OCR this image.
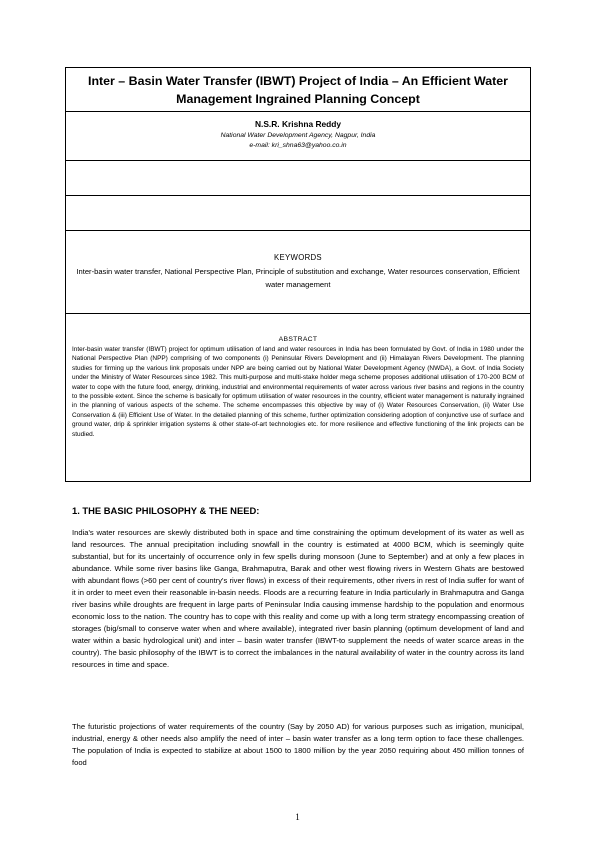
Inter – Basin Water Transfer (IBWT) Project of India – An Efficient Water Management Ingrained Planning Concept
N.S.R. Krishna Reddy
National Water Development Agency, Nagpur, India
e-mail: kri_shna63@yahoo.co.in
KEYWORDS
Inter-basin water transfer, National Perspective Plan, Principle of substitution and exchange, Water resources conservation, Efficient water management
ABSTRACT
Inter-basin water transfer (IBWT) project for optimum utilisation of land and water resources in India has been formulated by Govt. of India in 1980 under the National Perspective Plan (NPP) comprising of two components (i) Peninsular Rivers Development and (ii) Himalayan Rivers Development. The planning studies for firming up the various link proposals under NPP are being carried out by National Water Development Agency (NWDA), a Govt. of India Society under the Ministry of Water Resources since 1982. This multi-purpose and multi-stake holder mega scheme proposes additional utilisation of 170-200 BCM of water to cope with the future food, energy, drinking, industrial and environmental requirements of water across various river basins and regions in the country to the possible extent. Since the scheme is basically for optimum utilisation of water resources in the country, efficient water management is naturally ingrained in the planning of various aspects of the scheme. The scheme encompasses this objective by way of (i) Water Resources Conservation, (ii) Water Use Conservation & (iii) Efficient Use of Water. In the detailed planning of this scheme, further optimization considering adoption of conjunctive use of surface and ground water, drip & sprinkler irrigation systems & other state-of-art technologies etc. for more resilience and effective functioning of the link projects can be studied.
1. THE BASIC PHILOSOPHY & THE NEED:
India's water resources are skewly distributed both in space and time constraining the optimum development of its water as well as land resources. The annual precipitation including snowfall in the country is estimated at 4000 BCM, which is seemingly quite substantial, but for its uncertainly of occurrence only in few spells during monsoon (June to September) and at only a few places in abundance. While some river basins like Ganga, Brahmaputra, Barak and other west flowing rivers in Western Ghats are bestowed with abundant flows (>60 per cent of country's river flows) in excess of their requirements, other rivers in rest of India suffer for want of it in order to meet even their reasonable in-basin needs. Floods are a recurring feature in India particularly in Brahmaputra and Ganga river basins while droughts are frequent in large parts of Peninsular India causing immense hardship to the population and enormous economic loss to the nation. The country has to cope with this reality and come up with a long term strategy encompassing creation of storages (big/small to conserve water when and where available), integrated river basin planning (optimum development of land and water within a basic hydrological unit) and inter – basin water transfer (IBWT-to supplement the needs of water scarce areas in the country). The basic philosophy of the IBWT is to correct the imbalances in the natural availability of water in the country across its land resources in time and space.
The futuristic projections of water requirements of the country (Say by 2050 AD) for various purposes such as irrigation, municipal, industrial, energy & other needs also amplify the need of inter – basin water transfer as a long term option to face these challenges. The population of India is expected to stabilize at about 1500 to 1800 million by the year 2050 requiring about 450 million tonnes of food
1
